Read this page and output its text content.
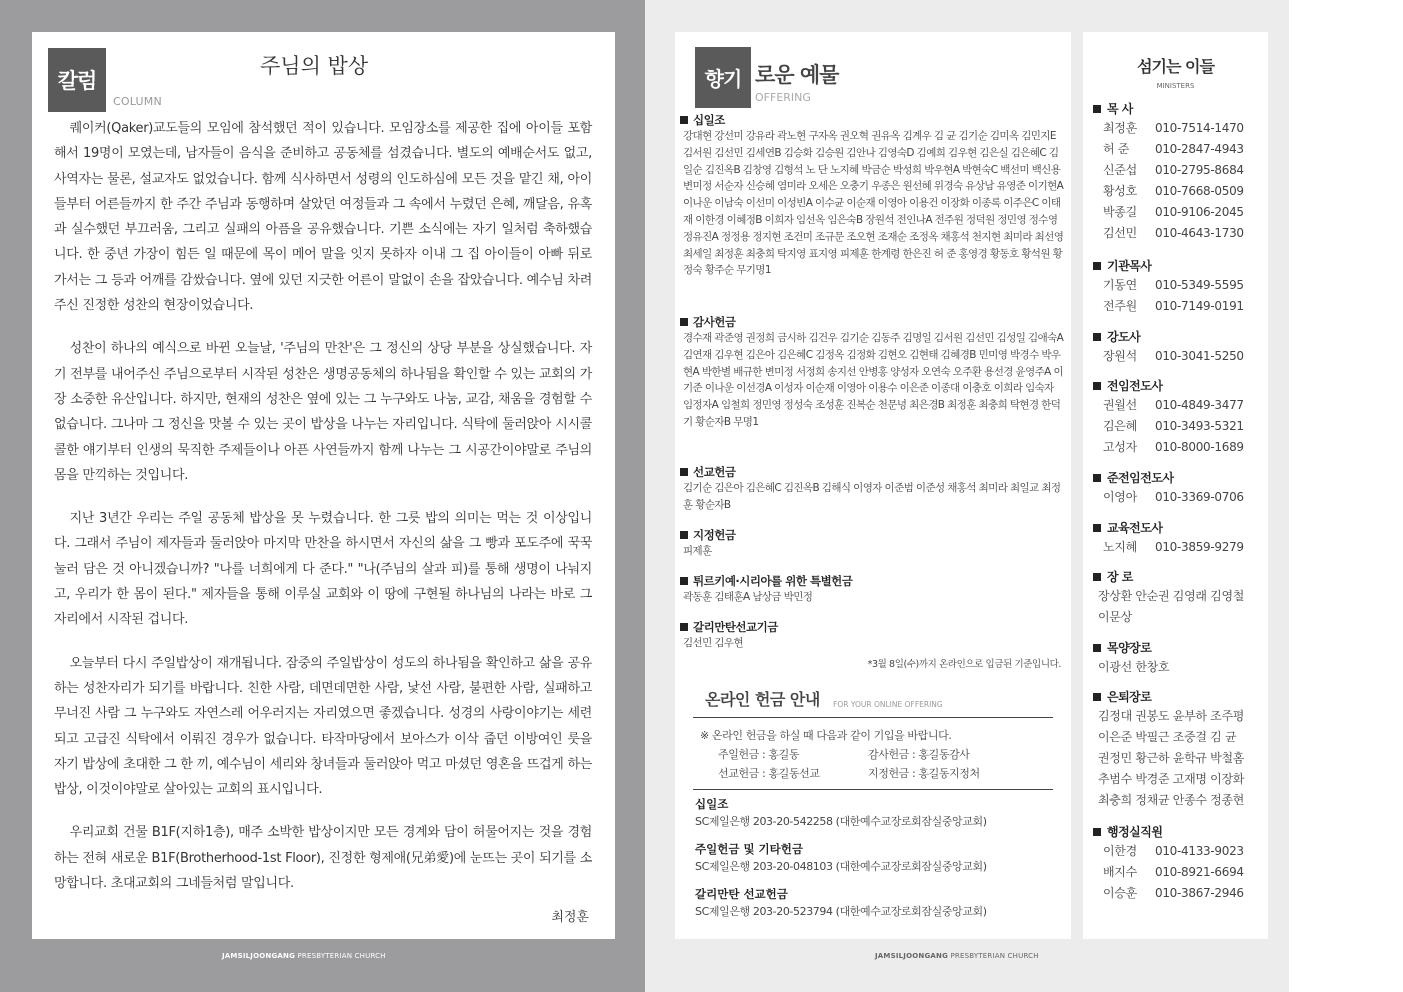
칼럼
COLUMN
주님의 밥상

퀘이커(Qaker)교도들의 모임에 참석했던 적이 있습니다. 모임장소를 제공한 집에 아이들 포함해서 19명이 모였는데, 남자들이 음식을 준비하고 공동체를 섬겼습니다. 별도의 예배순서도 없고, 사역자는 물론, 설교자도 없었습니다. 함께 식사하면서 성령의 인도하심에 모든 것을 맡긴 채, 아이들부터 어른들까지 한 주간 주님과 동행하며 살았던 여정들과 그 속에서 누렸던 은혜, 깨달음, 유혹과 실수했던 부끄러움, 그리고 실패의 아픔을 공유했습니다. 기쁜 소식에는 자기 일처럼 축하했습니다. 한 중년 가장이 힘든 일 때문에 목이 메어 말을 잇지 못하자 이내 그 집 아이들이 아빠 뒤로 가서는 그 등과 어깨를 감쌌습니다. 옆에 있던 지긋한 어른이 말없이 손을 잡았습니다. 예수님 차려주신 진정한 성찬의 현장이었습니다.

성찬이 하나의 예식으로 바뀐 오늘날, '주님의 만찬'은 그 정신의 상당 부분을 상실했습니다. 자기 전부를 내어주신 주님으로부터 시작된 성찬은 생명공동체의 하나됨을 확인할 수 있는 교회의 가장 소중한 유산입니다. 하지만, 현재의 성찬은 옆에 있는 그 누구와도 나눔, 교감, 채움을 경험할 수 없습니다. 그나마 그 정신을 맛볼 수 있는 곳이 밥상을 나누는 자리입니다. 식탁에 둘러앉아 시시콜콜한 얘기부터 인생의 묵직한 주제들이나 아픈 사연들까지 함께 나누는 그 시공간이야말로 주님의 몸을 만끽하는 것입니다.

지난 3년간 우리는 주일 공동체 밥상을 못 누렸습니다. 한 그릇 밥의 의미는 먹는 것 이상입니다. 그래서 주님이 제자들과 둘러앉아 마지막 만찬을 하시면서 자신의 삶을 그 빵과 포도주에 꾹꾹 눌러 담은 것 아니겠습니까? "나를 너희에게 다 준다." "나(주님의 살과 피)를 통해 생명이 나눠지고, 우리가 한 몸이 된다." 제자들을 통해 이루실 교회와 이 땅에 구현될 하나님의 나라는 바로 그 자리에서 시작된 겁니다.

오늘부터 다시 주일밥상이 재개됩니다. 잠중의 주일밥상이 성도의 하나됨을 확인하고 삶을 공유하는 성찬자리가 되기를 바랍니다. 친한 사람, 데면데면한 사람, 낯선 사람, 불편한 사람, 실패하고 무너진 사람 그 누구와도 자연스레 어우러지는 자리였으면 좋겠습니다. 성경의 사랑이야기는 세련되고 고급진 식탁에서 이뤄진 경우가 없습니다. 타작마당에서 보아스가 이삭 줍던 이방여인 룻을 자기 밥상에 초대한 그 한 끼, 예수님이 세리와 창녀들과 둘러앉아 먹고 마셨던 영혼을 뜨겁게 하는 밥상, 이것이야말로 살아있는 교회의 표시입니다.

우리교회 건물 B1F(지하1층), 매주 소박한 밥상이지만 모든 경계와 담이 허물어지는 것을 경험하는 전혀 새로운 B1F(Brotherhood-1st Floor), 진정한 형제애(兄弟愛)에 눈뜨는 곳이 되기를 소망합니다. 초대교회의 그네들처럼 말입니다.

최정훈
JAMSILJOONGANG PRESBYTERIAN CHURCH
향기 로운 예물
OFFERING
십일조
강대현 강선미 강유라 곽노현 구자옥 권오혁 권유옥 김계우 김 균 김기순 김미옥 김민지E 김서원 김선민 김세연B 김승화 김승원 김안나 김영숙D 김예희 김우현 김은실 김은혜C 김일순 김진옥B 김창영 김형석 노 단 노지혜 박금순 박성희 박우현A 박현숙C 백선미 백신용 변미정 서순자 신승혜 염미라 오세은 오충기 우종은 원선혜 위경숙 유상남 유영준 이기현A 이나운 이남숙 이선미 이성빈A 이수균 이순재 이영아 이용건 이장화 이종록 이주은C 이태재 이한경 이혜정B 이희자 임선옥 임은숙B 장원석 전인나A 전주원 정덕원 정민영 정수영 정유진A 정정용 정지현 조건미 조규문 조오현 조재순 조정옥 채홍석 천지현 최미라 최선영 최세일 최정훈 최충희 탁지영 표지영 피제훈 한계령 한은진 허 준 홍영경 황동호 황석원 황정숙 황주순 무기명1
감사헌금
경수재 곽준영 권정희 금시하 김건우 김기순 김동주 김명일 김서원 김선민 김성일 김애숙A 김연재 김우현 김은아 김은혜C 김정옥 김정화 김현오 김현태 김혜경B 민미영 박경수 박우현A 박한별 배규한 변미정 서정희 송지선 안병홍 양성자 오연숙 오주환 용선경 윤영주A 이기준 이나운 이선경A 이성자 이순재 이영아 이용수 이은준 이종대 이충호 이희라 임숙자 임정자A 임철희 정민영 정성숙 조성훈 진복순 천문녕 최은경B 최정훈 최충희 탁현경 한덕기 황순자B 무명1
선교헌금
김기순 김은아 김은혜C 김진옥B 김해식 이영자 이준범 이준성 채홍석 최미라 최일교 최정훈 황순자B
지정헌금
피제훈
튀르키예·시리아를 위한 특별헌금
곽동훈 김태훈A 남상금 박민정
갈리만탄선교기금
김선민 김우현
*3월 8일(수)까지 온라인으로 입금된 기준입니다.
온라인 헌금 안내 FOR YOUR ONLINE OFFERING
※ 온라인 헌금을 하실 때 다음과 같이 기입을 바랍니다.
주일헌금 : 홍길동	감사헌금 : 홍길동감사
선교헌금 : 홍길동선교	지정헌금 : 홍길동지정처
십일조
SC제일은행 203-20-542258 (대한예수교장로회잠실중앙교회)
주일헌금 및 기타헌금
SC제일은행 203-20-048103 (대한예수교장로회잠실중앙교회)
갈리만탄 선교헌금
SC제일은행 203-20-523794 (대한예수교장로회잠실중앙교회)
JAMSILJOONGANG PRESBYTERIAN CHURCH
섬기는 이들
MINISTERS
목 사
최정훈 010-7514-1470
허 준 010-2847-4943
신준섭 010-2795-8684
황성호 010-7668-0509
박종길 010-9106-2045
김선민 010-4643-1730
기관목사
기동연 010-5349-5595
전주원 010-7149-0191
강도사
장원석 010-3041-5250
전임전도사
권월선 010-4849-3477
김은혜 010-3493-5321
고성자 010-8000-1689
준전임전도사
이영아 010-3369-0706
교육전도사
노지혜 010-3859-9279
장 로
장상환 안순권 김영래 김영철
이문상
목양장로
이광선 한창호
은퇴장로
김정대 권봉도 윤부하 조주평
이은준 박필근 조중걸 김 균
권정민 황근하 윤학규 박철홈
추범수 박경준 고재명 이장화
최충희 정채균 안종수 정종현
행정실직원
이한경 010-4133-9023
배지수 010-8921-6694
이승훈 010-3867-2946
